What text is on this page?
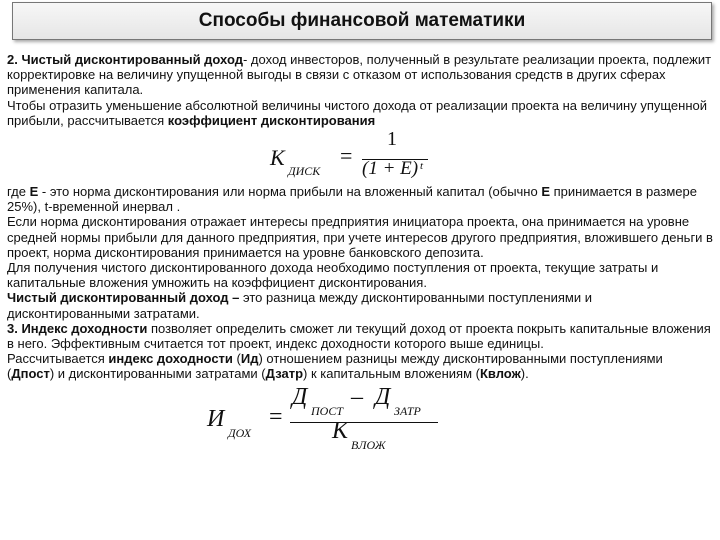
Способы финансовой математики

2. Чистый дисконтированный доход- доход инвесторов, полученный в результате реализации проекта, подлежит корректировке на величину упущенной выгоды в связи с отказом от использования средств в других сферах применения капитала.

Чтобы отразить уменьшение абсолютной величины чистого дохода от реализации проекта на величину упущенной прибыли, рассчитывается коэффициент дисконтирования

К
ДИСК
=
1
(1 + E) t

где Е - это норма дисконтирования или норма прибыли на вложенный капитал (обычно Е принимается в размере 25%), t-временной инервал .

Если норма дисконтирования отражает интересы предприятия инициатора проекта, она принимается на уровне средней нормы прибыли для данного предприятия, при учете интересов другого предприятия, вложившего деньги в проект, норма дисконтирования принимается на уровне банковского депозита.

Для получения чистого дисконтированного дохода необходимо поступления от проекта, текущие затраты и капитальные вложения умножить на коэффициент дисконтирования.

Чистый дисконтированный доход – это разница между дисконтированными поступлениями и дисконтированными затратами.

3. Индекс доходности позволяет определить сможет ли текущий доход от проекта покрыть капитальные вложения в него. Эффективным считается тот проект, индекс доходности которого выше единицы.

Рассчитывается индекс доходности (Ид) отношением разницы между дисконтированными поступлениями (Дпост) и дисконтированными затратами (Дзатр) к капитальным вложениям (Квлож).

И
ДОХ
=
Д
ПОСТ
– Д
ЗАТР
К
ВЛОЖ
